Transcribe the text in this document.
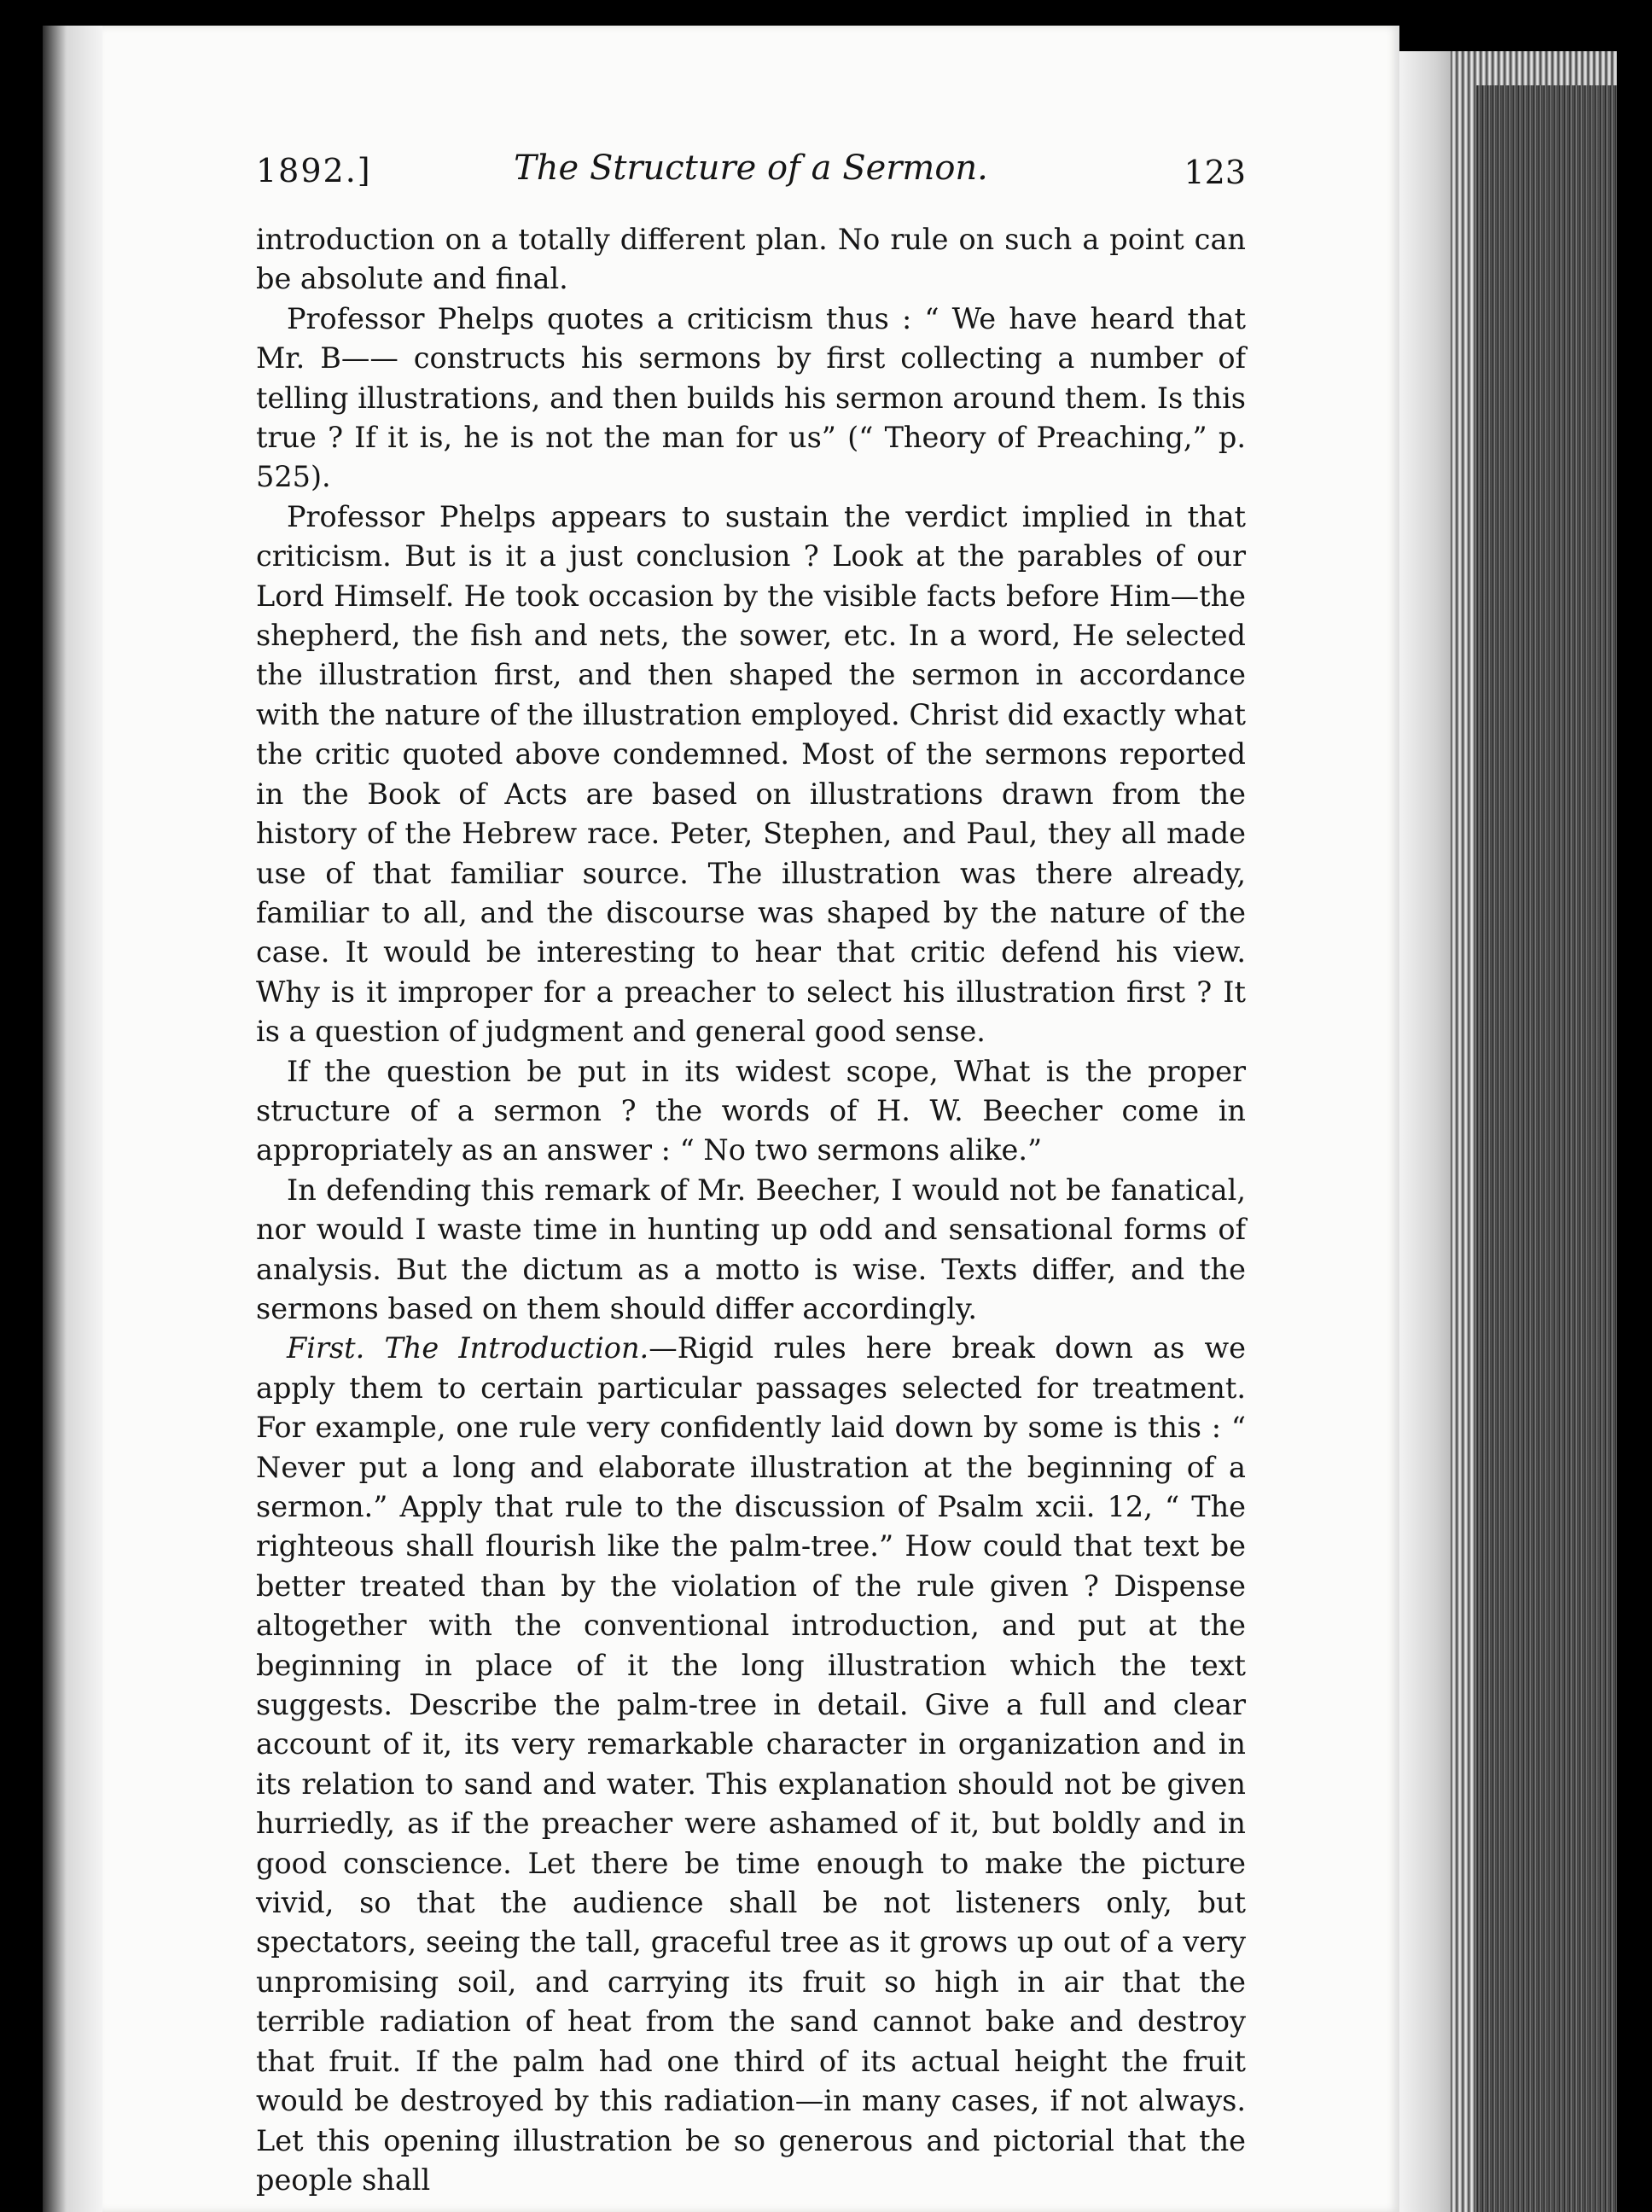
1892.]	The Structure of a Sermon.	123

introduction on a totally different plan. No rule on such a point can be absolute and final.

Professor Phelps quotes a criticism thus : “ We have heard that Mr. B—— constructs his sermons by first collecting a number of telling illustrations, and then builds his sermon around them. Is this true ? If it is, he is not the man for us” (“ Theory of Preaching,” p. 525).

Professor Phelps appears to sustain the verdict implied in that criticism. But is it a just conclusion ? Look at the parables of our Lord Himself. He took occasion by the visible facts before Him—the shepherd, the fish and nets, the sower, etc. In a word, He selected the illustration first, and then shaped the sermon in accordance with the nature of the illustration employed. Christ did exactly what the critic quoted above condemned. Most of the sermons reported in the Book of Acts are based on illustrations drawn from the history of the Hebrew race. Peter, Stephen, and Paul, they all made use of that familiar source. The illustration was there already, familiar to all, and the discourse was shaped by the nature of the case. It would be interesting to hear that critic defend his view. Why is it improper for a preacher to select his illustration first ? It is a question of judgment and general good sense.

If the question be put in its widest scope, What is the proper structure of a sermon ? the words of H. W. Beecher come in appropriately as an answer : “ No two sermons alike.”

In defending this remark of Mr. Beecher, I would not be fanatical, nor would I waste time in hunting up odd and sensational forms of analysis. But the dictum as a motto is wise. Texts differ, and the sermons based on them should differ accordingly.

First. The Introduction.—Rigid rules here break down as we apply them to certain particular passages selected for treatment. For example, one rule very confidently laid down by some is this : “ Never put a long and elaborate illustration at the beginning of a sermon.” Apply that rule to the discussion of Psalm xcii. 12, “ The righteous shall flourish like the palm-tree.” How could that text be better treated than by the violation of the rule given ? Dispense altogether with the conventional introduction, and put at the beginning in place of it the long illustration which the text suggests. Describe the palm-tree in detail. Give a full and clear account of it, its very remarkable character in organization and in its relation to sand and water. This explanation should not be given hurriedly, as if the preacher were ashamed of it, but boldly and in good conscience. Let there be time enough to make the picture vivid, so that the audience shall be not listeners only, but spectators, seeing the tall, graceful tree as it grows up out of a very unpromising soil, and carrying its fruit so high in air that the terrible radiation of heat from the sand cannot bake and destroy that fruit. If the palm had one third of its actual height the fruit would be destroyed by this radiation—in many cases, if not always. Let this opening illustration be so generous and pictorial that the people shall
